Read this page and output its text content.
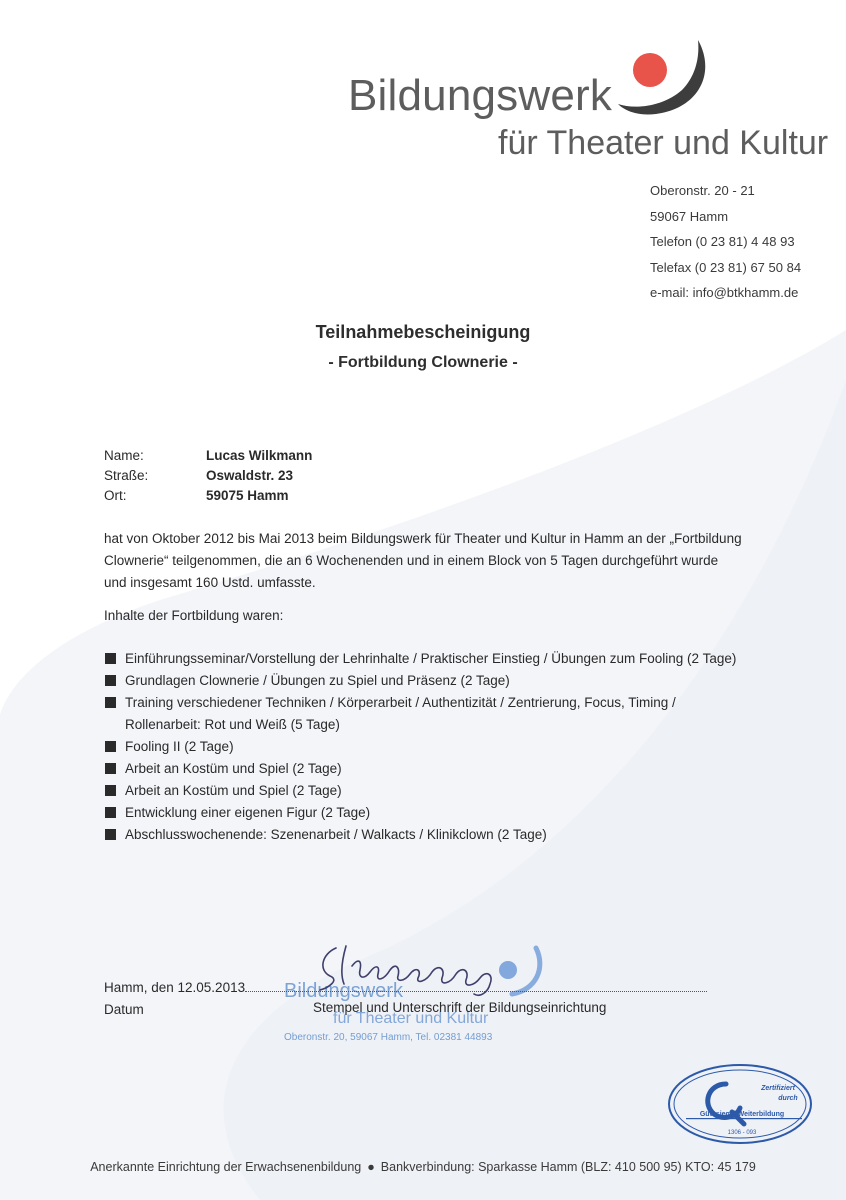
Bildungswerk
für Theater und Kultur
Oberonstr. 20 - 21
59067 Hamm
Telefon (0 23 81) 4 48 93
Telefax (0 23 81) 67 50 84
e-mail: info@btkhamm.de
Teilnahmebescheinigung
- Fortbildung Clownerie -
Name:	Lucas Wilkmann
Straße:	Oswaldstr. 23
Ort:	59075 Hamm
hat von Oktober 2012 bis Mai 2013 beim Bildungswerk für Theater und Kultur in Hamm an der „Fortbildung Clownerie“ teilgenommen, die an 6 Wochenenden und in einem Block von 5 Tagen durchgeführt wurde und insgesamt 160 Ustd. umfasste.
Inhalte der Fortbildung waren:
Einführungsseminar/Vorstellung der Lehrinhalte / Praktischer Einstieg / Übungen zum Fooling (2 Tage)
Grundlagen Clownerie / Übungen zu Spiel und Präsenz (2 Tage)
Training verschiedener Techniken / Körperarbeit / Authentizität / Zentrierung, Focus, Timing / Rollenarbeit: Rot und Weiß (5 Tage)
Fooling II (2 Tage)
Arbeit an Kostüm und Spiel (2 Tage)
Arbeit an Kostüm und Spiel (2 Tage)
Entwicklung einer eigenen Figur (2 Tage)
Abschlusswochenende: Szenenarbeit / Walkacts / Klinikclown (2 Tage)
Bildungswerk
für Theater und Kultur
Oberonstr. 20, 59067 Hamm, Tel. 02381 44893
Hamm, den 12.05.2013
Datum	Stempel und Unterschrift der Bildungseinrichtung
Zertifiziert
durch
Gütesiegel Weiterbildung
1306 - 093
Anerkannte Einrichtung der Erwachsenenbildung ● Bankverbindung: Sparkasse Hamm (BLZ: 410 500 95) KTO: 45 179
